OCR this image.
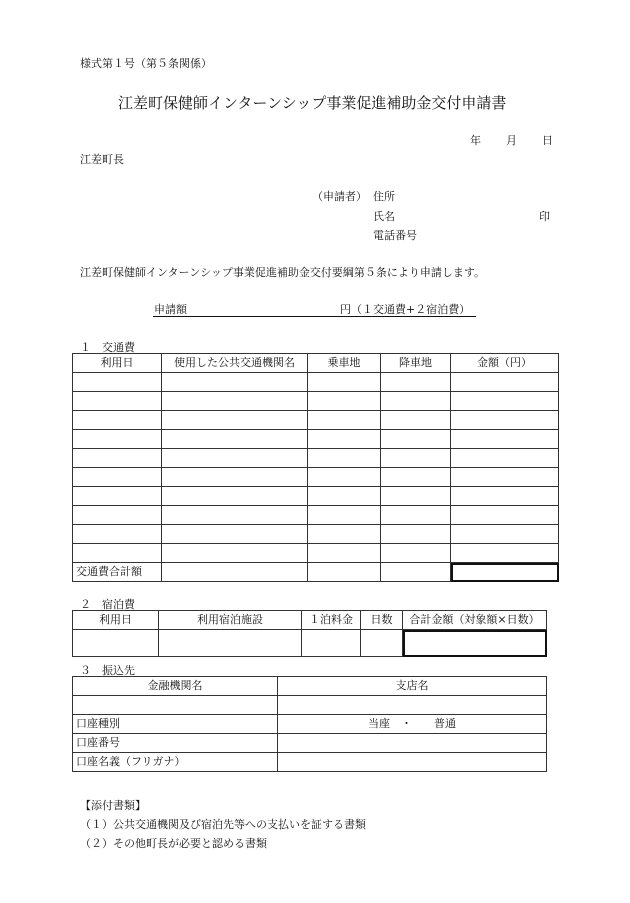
様式第１号（第５条関係）
江差町保健師インターンシップ事業促進補助金交付申請書
年 月 日
江差町長
（申請者） 住所
氏名	印
電話番号
江差町保健師インターンシップ事業促進補助金交付要綱第５条により申請します。
申請額	円（１交通費+２宿泊費）
１　交通費
利用日	使用した公共交通機関名	乗車地	降車地	金額（円）

交通費合計額				
２　宿泊費
利用日	利用宿泊施設	１泊料金	日数	合計金額（対象額×日数）

３　振込先
金融機関名	支店名

口座種別	当座　・　　普通
口座番号	
口座名義（フリガナ）	
【添付書類】
（１）公共交通機関及び宿泊先等への支払いを証する書類
（２）その他町長が必要と認める書類
